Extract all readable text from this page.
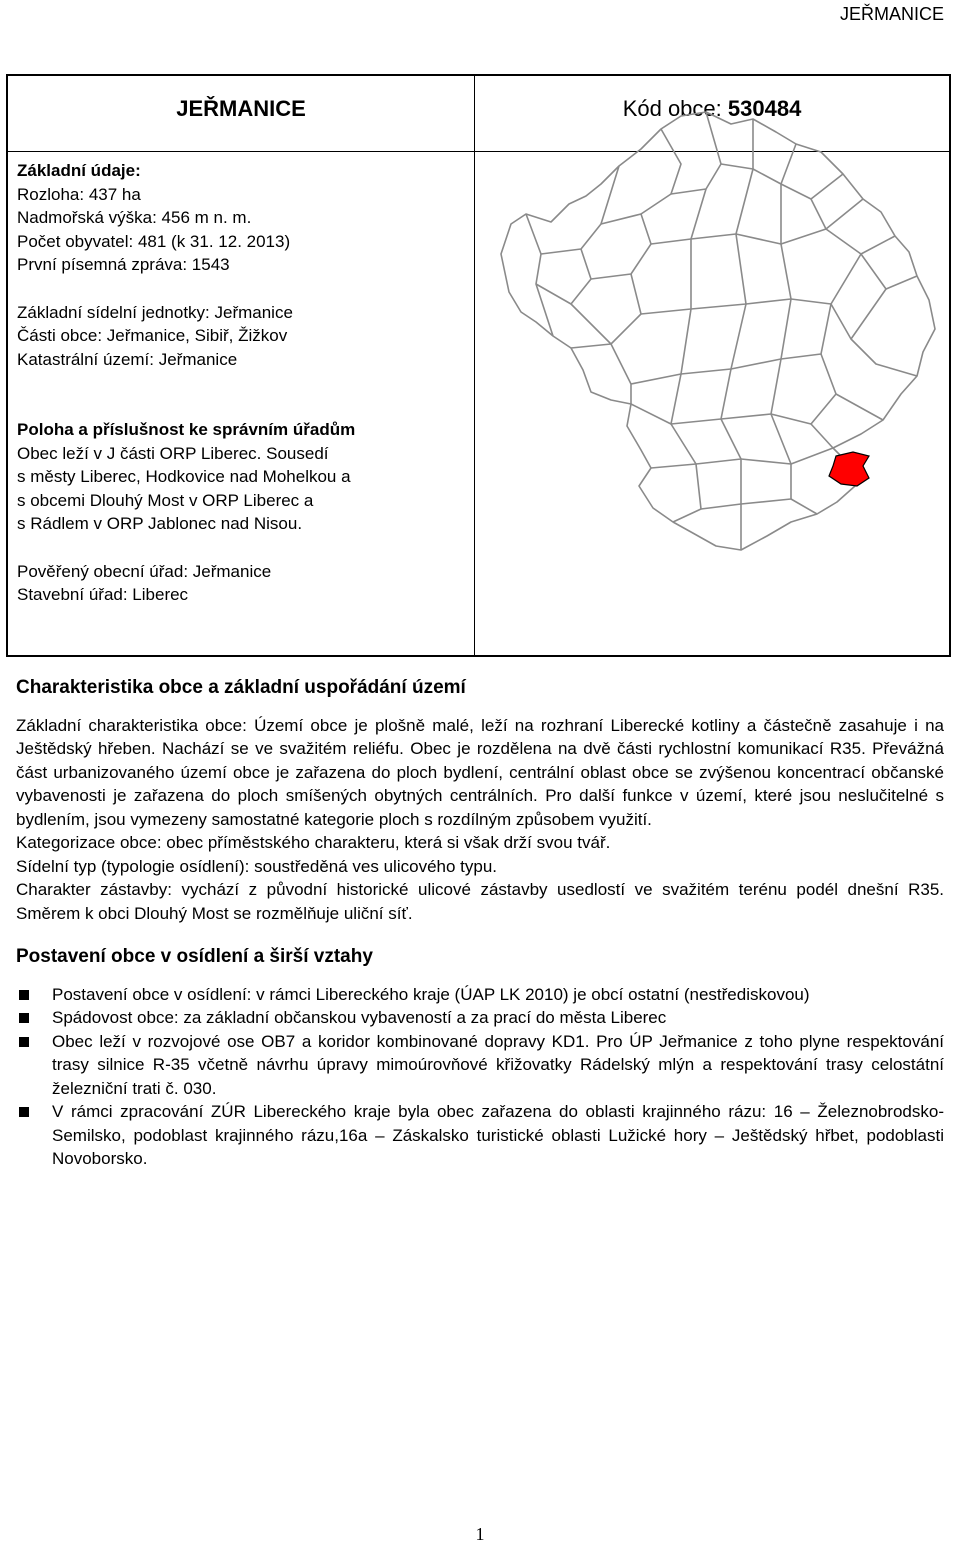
JEŘMANICE
JEŘMANICE	Kód obce: 530484

Základní údaje:

Rozloha: 437 ha

Nadmořská výška: 456 m n. m.

Počet obyvatel: 481 (k 31. 12. 2013)

První písemná zpráva: 1543

Základní sídelní jednotky: Jeřmanice

Části obce: Jeřmanice, Sibiř, Žižkov

Katastrální území: Jeřmanice

Poloha a příslušnost ke správním úřadům

Obec leží v J části ORP Liberec. Sousedí

s městy Liberec, Hodkovice nad Mohelkou a

s obcemi Dlouhý Most v ORP Liberec a

s Rádlem v ORP Jablonec nad Nisou.

Pověřený obecní úřad: Jeřmanice

Stavební úřad: Liberec

Charakteristika obce a základní uspořádání území

Základní charakteristika obce: Území obce je plošně malé, leží na rozhraní Liberecké kotliny a částečně zasahuje i na Ještědský hřeben. Nachází se ve svažitém reliéfu. Obec je rozdělena na dvě části rychlostní komunikací R35. Převážná část urbanizovaného území obce je zařazena do ploch bydlení, centrální oblast obce se zvýšenou koncentrací občanské vybavenosti je zařazena do ploch smíšených obytných centrálních. Pro další funkce v území, které jsou neslučitelné s bydlením, jsou vymezeny samostatné kategorie ploch s rozdílným způsobem využití.

Kategorizace obce: obec příměstského charakteru, která si však drží svou tvář.

Sídelní typ (typologie osídlení): soustředěná ves ulicového typu.

Charakter zástavby: vychází z původní historické ulicové zástavby usedlostí ve svažitém terénu podél dnešní R35. Směrem k obci Dlouhý Most se rozmělňuje uliční síť.

Postavení obce v osídlení a širší vztahy
Postavení obce v osídlení: v rámci Libereckého kraje (ÚAP LK 2010) je obcí ostatní (nestřediskovou)
Spádovost obce: za základní občanskou vybaveností a za prací do města Liberec
Obec leží v rozvojové ose OB7 a koridor kombinované dopravy KD1. Pro ÚP Jeřmanice z toho plyne respektování trasy silnice R-35 včetně návrhu úpravy mimoúrovňové křižovatky Rádelský mlýn a respektování trasy celostátní železniční trati č. 030.
V rámci zpracování ZÚR Libereckého kraje byla obec zařazena do oblasti krajinného rázu: 16 – Železnobrodsko-Semilsko, podoblast krajinného rázu,16a – Záskalsko turistické oblasti Lužické hory – Ještědský hřbet, podoblasti Novoborsko.
1
